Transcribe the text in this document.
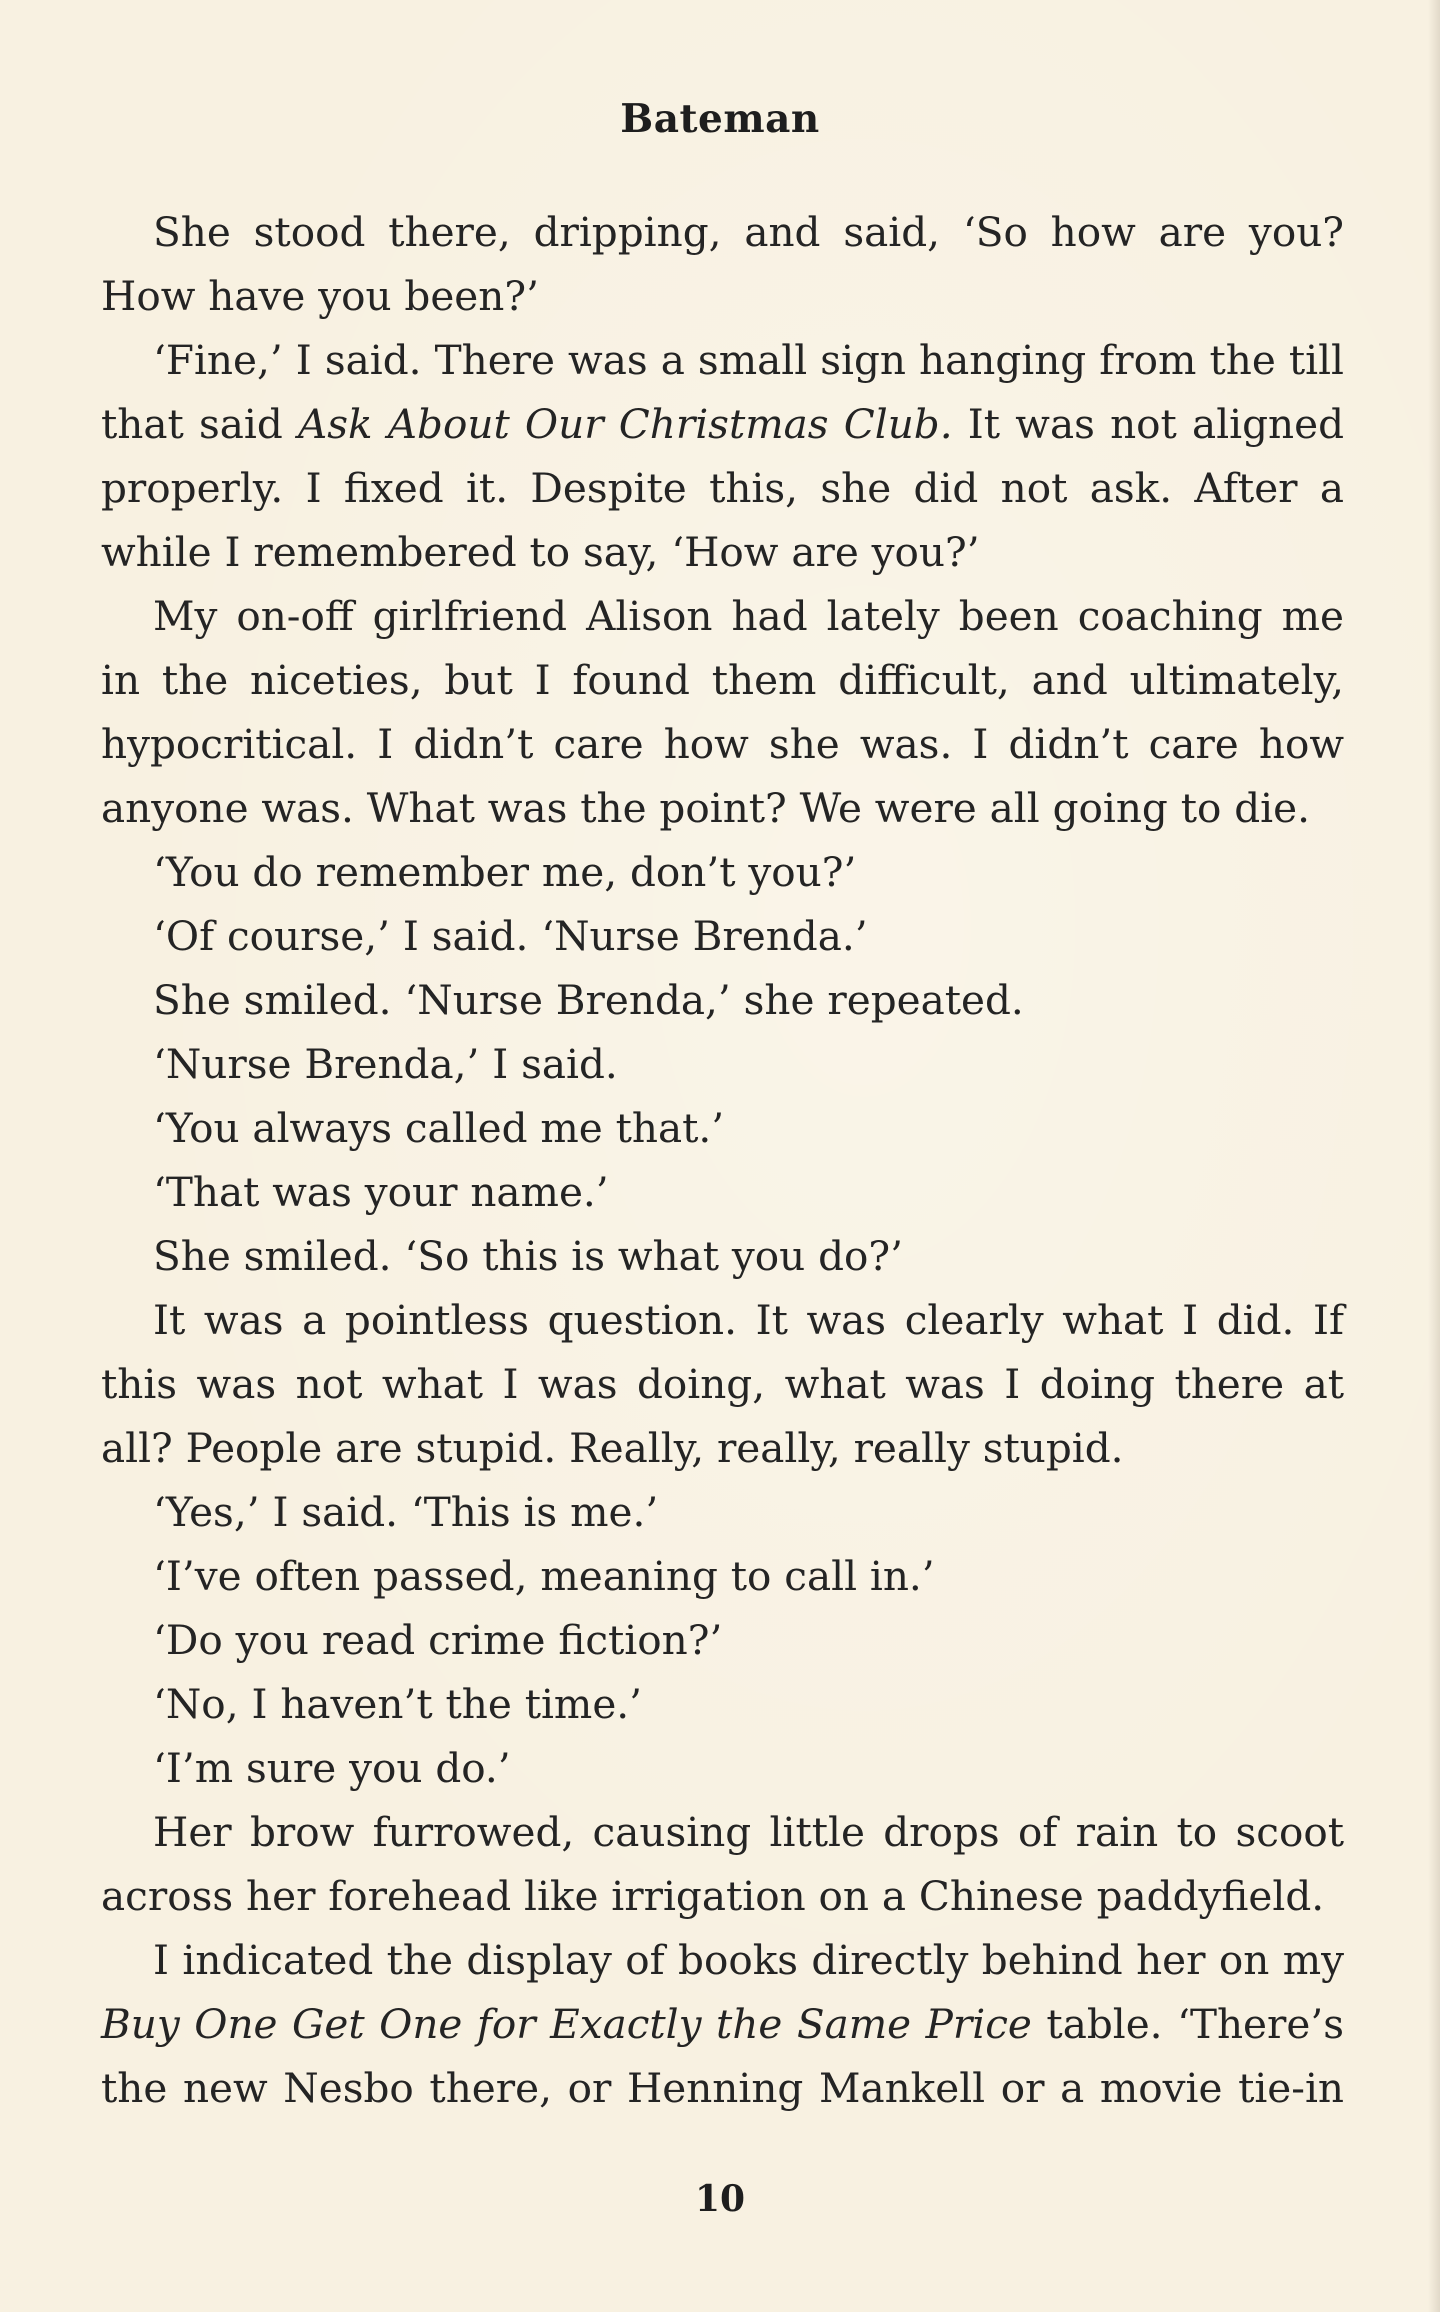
Bateman

She stood there, dripping, and said, ‘So how are you? How have you been?’

‘Fine,’ I said. There was a small sign hanging from the till that said Ask About Our Christmas Club. It was not aligned properly. I fixed it. Despite this, she did not ask. After a while I remembered to say, ‘How are you?’

My on-off girlfriend Alison had lately been coaching me in the niceties, but I found them difficult, and ultimately, hypocritical. I didn’t care how she was. I didn’t care how anyone was. What was the point? We were all going to die.

‘You do remember me, don’t you?’

‘Of course,’ I said. ‘Nurse Brenda.’

She smiled. ‘Nurse Brenda,’ she repeated.

‘Nurse Brenda,’ I said.

‘You always called me that.’

‘That was your name.’

She smiled. ‘So this is what you do?’

It was a pointless question. It was clearly what I did. If this was not what I was doing, what was I doing there at all? People are stupid. Really, really, really stupid.

‘Yes,’ I said. ‘This is me.’

‘I’ve often passed, meaning to call in.’

‘Do you read crime fiction?’

‘No, I haven’t the time.’

‘I’m sure you do.’

Her brow furrowed, causing little drops of rain to scoot across her forehead like irrigation on a Chinese paddyfield.

I indicated the display of books directly behind her on my Buy One Get One for Exactly the Same Price table. ‘There’s the new Nesbo there, or Henning Mankell or a movie tie-in

10
